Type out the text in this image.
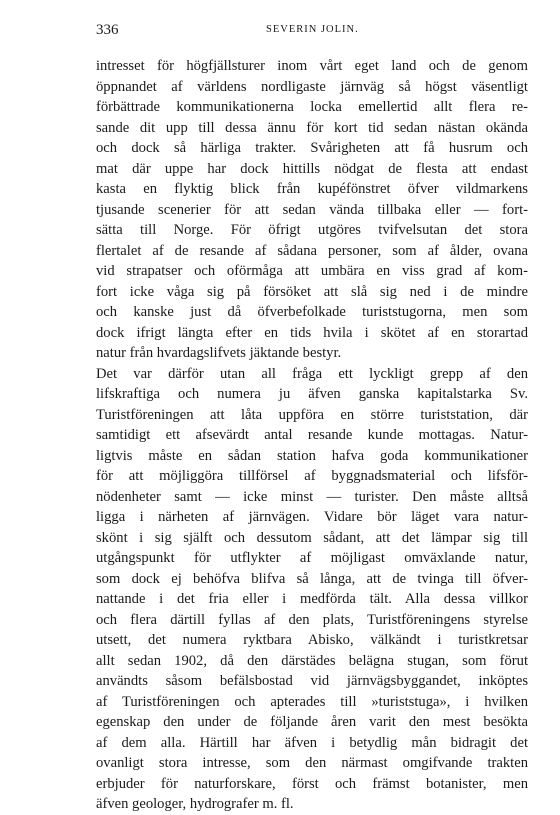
336	SEVERIN JOLIN.

intresset för högfjällsturer inom vårt eget land och de genom
öppnandet af världens nordligaste järnväg så högst väsentligt
förbättrade kommunikationerna locka emellertid allt flera re-
sande dit upp till dessa ännu för kort tid sedan nästan okända
och dock så härliga trakter. Svårigheten att få husrum och
mat där uppe har dock hittills nödgat de flesta att endast
kasta en flyktig blick från kupéfönstret öfver vildmarkens
tjusande scenerier för att sedan vända tillbaka eller — fort-
sätta till Norge. För öfrigt utgöres tvifvelsutan det stora
flertalet af de resande af sådana personer, som af ålder, ovana
vid strapatser och oförmåga att umbära en viss grad af kom-
fort icke våga sig på försöket att slå sig ned i de mindre
och kanske just då öfverbefolkade turiststugorna, men som
dock ifrigt längta efter en tids hvila i skötet af en storartad
natur från hvardagslifvets jäktande bestyr.

Det var därför utan all fråga ett lyckligt grepp af den
lifskraftiga och numera ju äfven ganska kapitalstarka Sv.
Turistföreningen att låta uppföra en större turiststation, där
samtidigt ett afsevärdt antal resande kunde mottagas. Natur-
ligtvis måste en sådan station hafva goda kommunikationer
för att möjliggöra tillförsel af byggnadsmaterial och lifsför-
nödenheter samt — icke minst — turister. Den måste alltså
ligga i närheten af järnvägen. Vidare bör läget vara natur-
skönt i sig själft och dessutom sådant, att det lämpar sig till
utgångspunkt för utflykter af möjligast omväxlande natur,
som dock ej behöfva blifva så långa, att de tvinga till öfver-
nattande i det fria eller i medförda tält. Alla dessa villkor
och flera därtill fyllas af den plats, Turistföreningens styrelse
utsett, det numera ryktbara Abisko, välkändt i turistkretsar
allt sedan 1902, då den därstädes belägna stugan, som förut
användts såsom befälsbostad vid järnvägsbyggandet, inköptes
af Turistföreningen och apterades till »turiststuga», i hvilken
egenskap den under de följande åren varit den mest besökta
af dem alla. Härtill har äfven i betydlig mån bidragit det
ovanligt stora intresse, som den närmast omgifvande trakten
erbjuder för naturforskare, först och främst botanister, men
äfven geologer, hydrografer m. fl.
